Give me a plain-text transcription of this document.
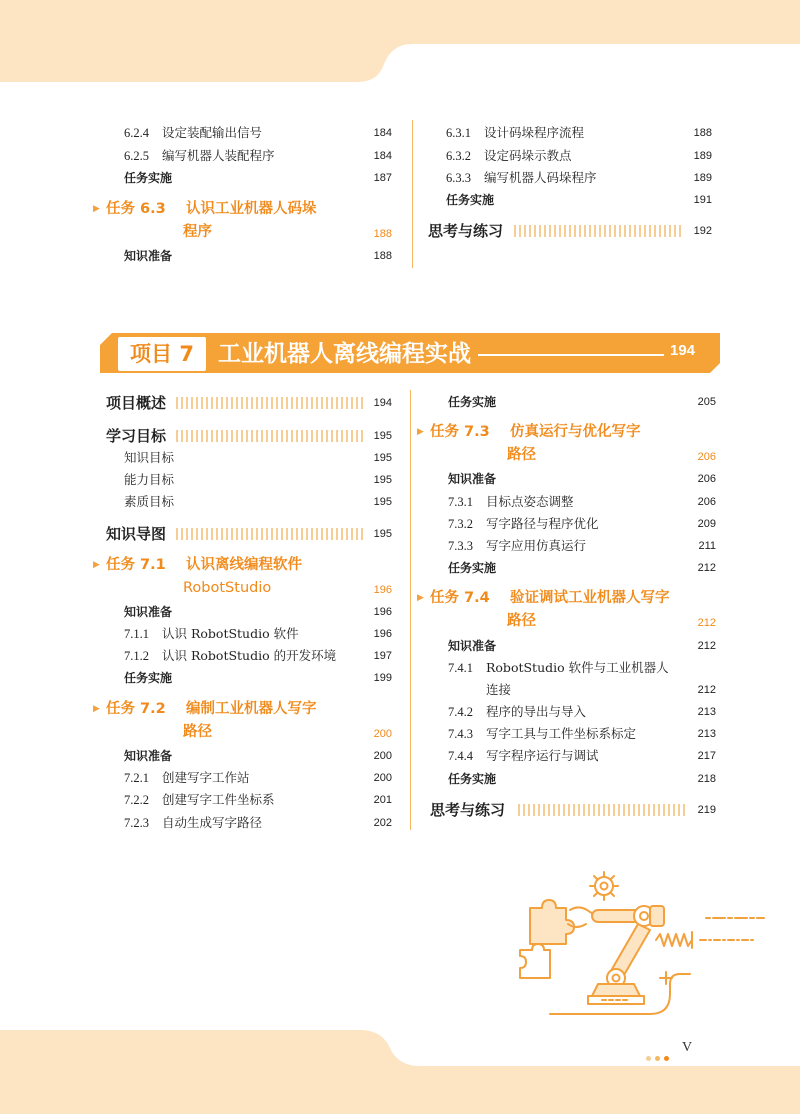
6.2.4 设定装配输出信号	184
6.2.5 编写机器人装配程序	184
任务实施	187
▶ 任务 6.3 认识工业机器人码垛
程序	188
知识准备	188
6.3.1 设计码垛程序流程	188
6.3.2 设定码垛示教点	189
6.3.3 编写机器人码垛程序	189
任务实施	191
思考与练习	192
项目 7	工业机器人离线编程实战	194
项目概述	194
学习目标	195
知识目标	195
能力目标	195
素质目标	195
知识导图	195
▶ 任务 7.1 认识离线编程软件
RobotStudio	196
知识准备	196
7.1.1 认识 RobotStudio 软件	196
7.1.2 认识 RobotStudio 的开发环境	197
任务实施	199
▶ 任务 7.2 编制工业机器人写字
路径	200
知识准备	200
7.2.1 创建写字工作站	200
7.2.2 创建写字工件坐标系	201
7.2.3 自动生成写字路径	202
任务实施	205
▶ 任务 7.3 仿真运行与优化写字
路径	206
知识准备	206
7.3.1 目标点姿态调整	206
7.3.2 写字路径与程序优化	209
7.3.3 写字应用仿真运行	211
任务实施	212
▶ 任务 7.4 验证调试工业机器人写字
路径	212
知识准备	212
7.4.1 RobotStudio 软件与工业机器人
连接	212
7.4.2 程序的导出与导入	213
7.4.3 写字工具与工件坐标系标定	213
7.4.4 写字程序运行与调试	217
任务实施	218
思考与练习	219
V
